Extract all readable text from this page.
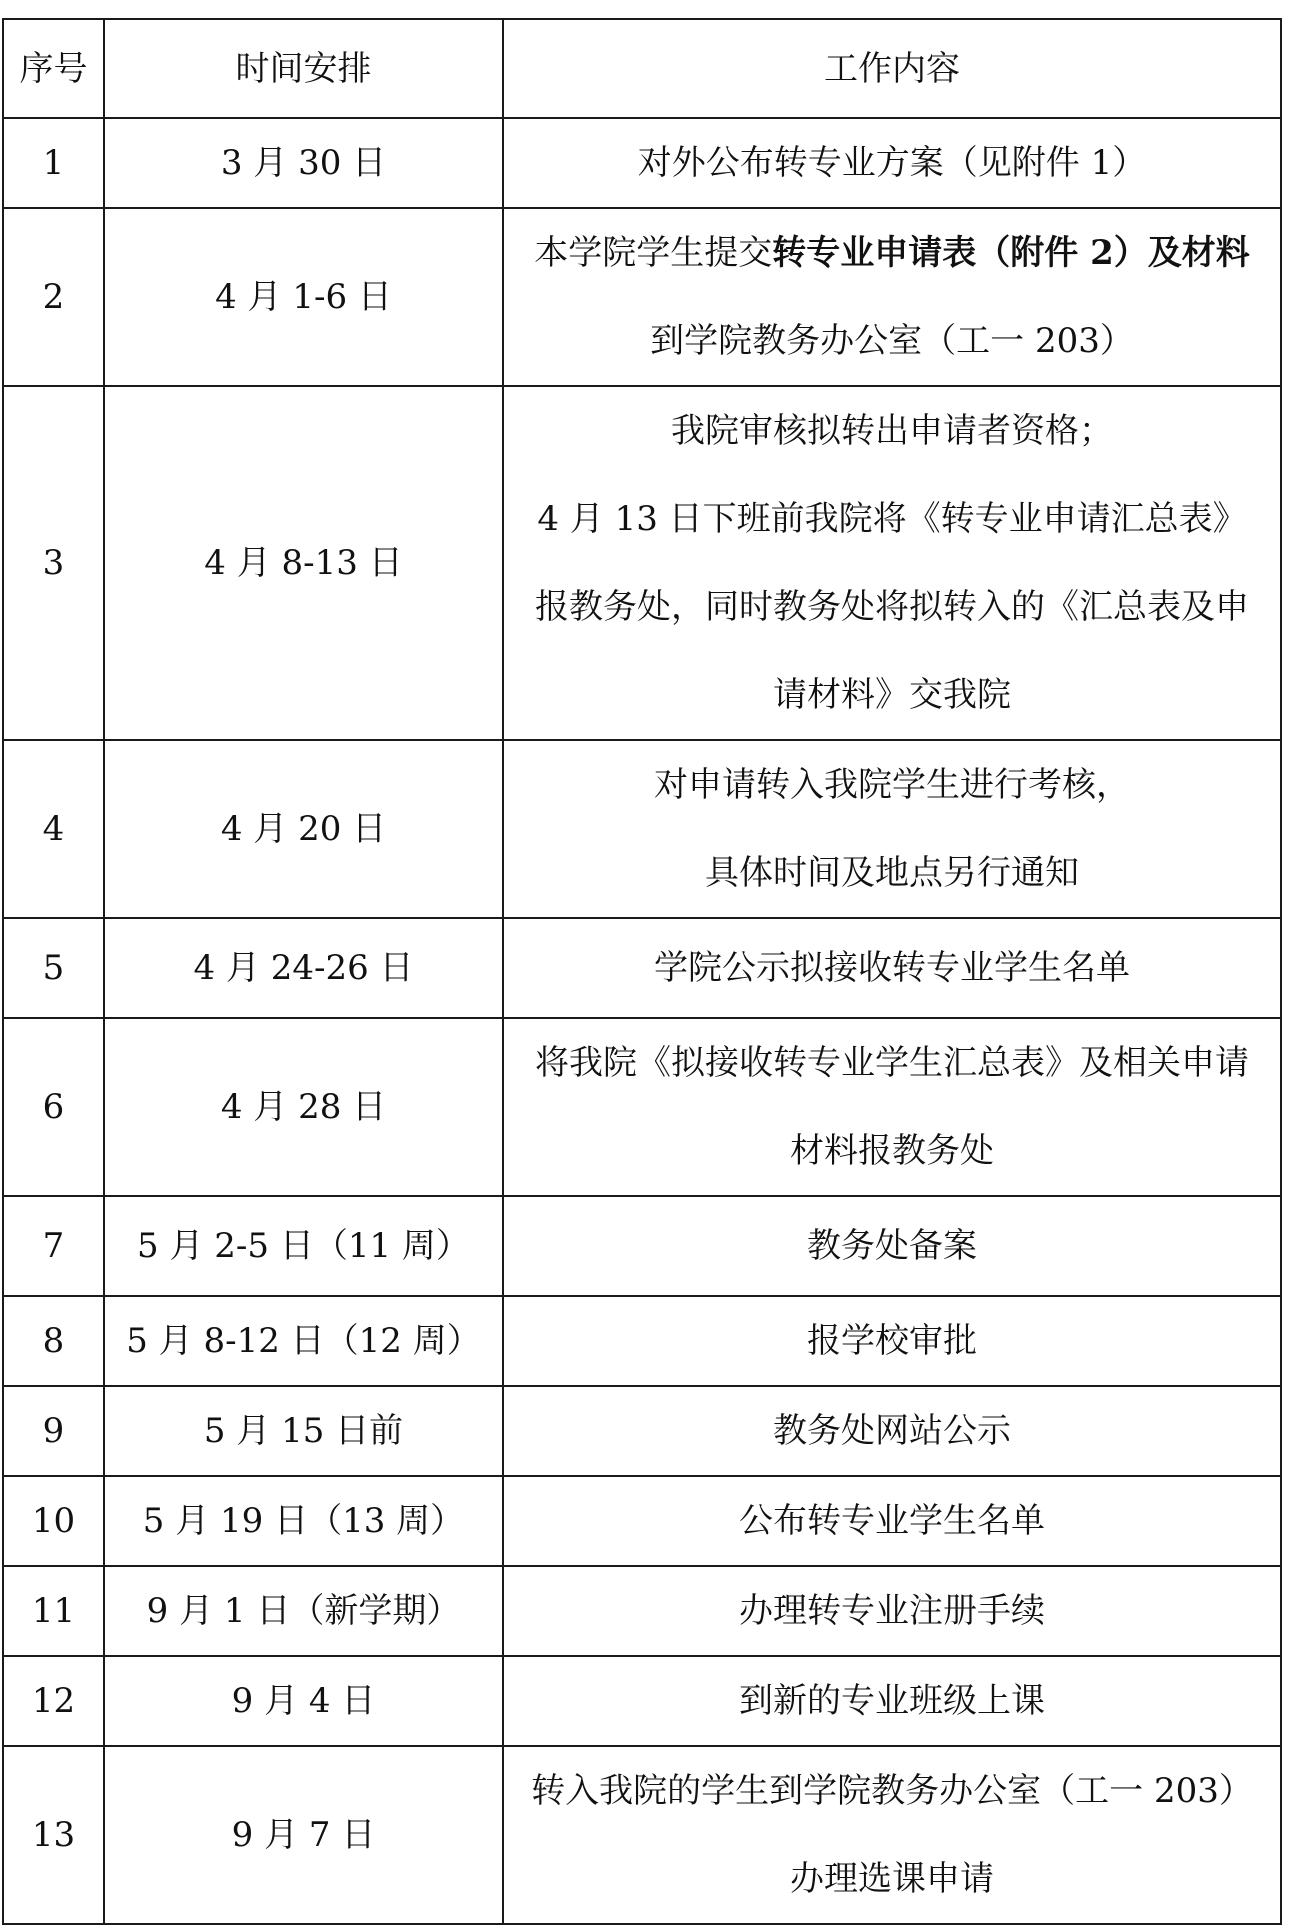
序号	时间安排	工作内容
1	3 月 30 日	对外公布转专业方案（见附件 1）

2	4 月 1-6 日	本学院学生提交转专业申请表（附件 2）及材料
到学院教务办公室（工一 203）

3	4 月 8-13 日	我院审核拟转出申请者资格；
4 月 13 日下班前我院将《转专业申请汇总表》
报教务处，同时教务处将拟转入的《汇总表及申
请材料》交我院

4	4 月 20 日	对申请转入我院学生进行考核，
具体时间及地点另行通知

5	4 月 24-26 日	学院公示拟接收转专业学生名单

6	4 月 28 日	将我院《拟接收转专业学生汇总表》及相关申请
材料报教务处

7	5 月 2-5 日（11 周）	教务处备案

8	5 月 8-12 日（12 周）	报学校审批

9	5 月 15 日前	教务处网站公示

10	5 月 19 日（13 周）	公布转专业学生名单

11	9 月 1 日（新学期）	办理转专业注册手续

12	9 月 4 日	到新的专业班级上课

13	9 月 7 日	转入我院的学生到学院教务办公室（工一 203）
办理选课申请
